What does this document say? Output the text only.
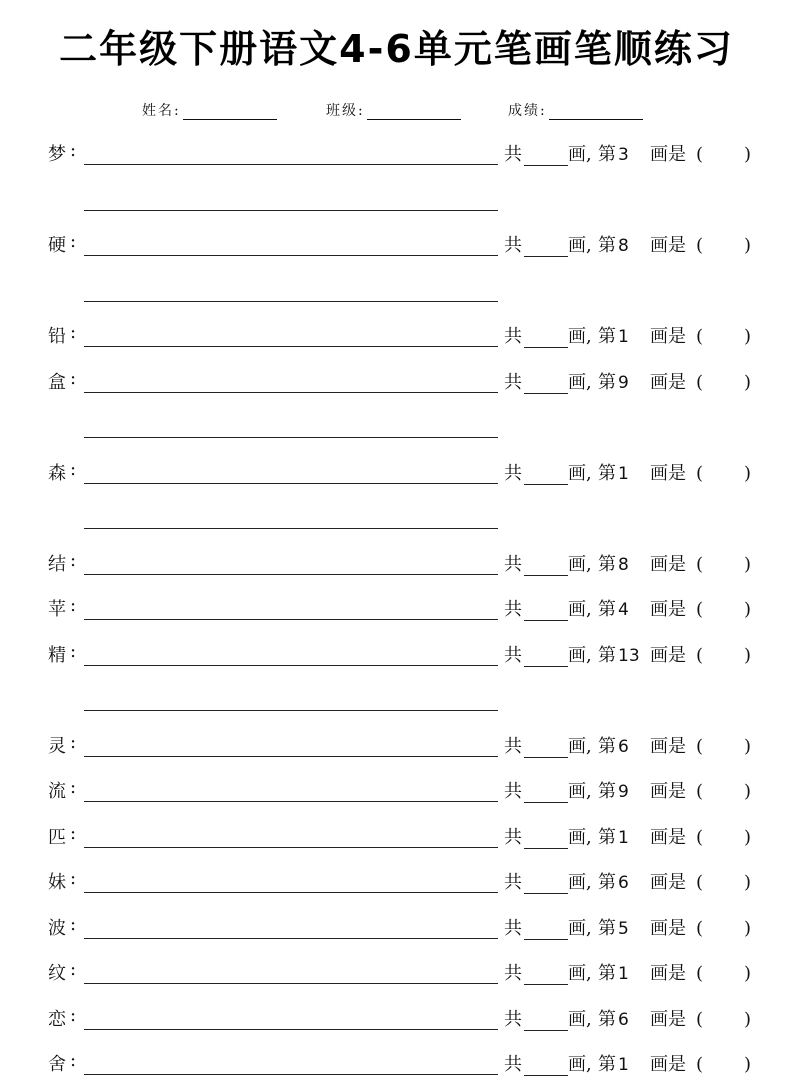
二年级下册语文4-6单元笔画笔顺练习
姓名:	班级:	成绩:
梦 :	共	画, 第 3 画是 ( )
硬 :	共	画, 第 8 画是 ( )
铅 :	共	画, 第 1 画是 ( )
盒 :	共	画, 第 9 画是 ( )
森 :	共	画, 第 1 画是 ( )
结 :	共	画, 第 8 画是 ( )
苹 :	共	画, 第 4 画是 ( )
精 :	共	画, 第 13 画是 ( )
灵 :	共	画, 第 6 画是 ( )
流 :	共	画, 第 9 画是 ( )
匹 :	共	画, 第 1 画是 ( )
妹 :	共	画, 第 6 画是 ( )
波 :	共	画, 第 5 画是 ( )
纹 :	共	画, 第 1 画是 ( )
恋 :	共	画, 第 6 画是 ( )
舍 :	共	画, 第 1 画是 ( )
